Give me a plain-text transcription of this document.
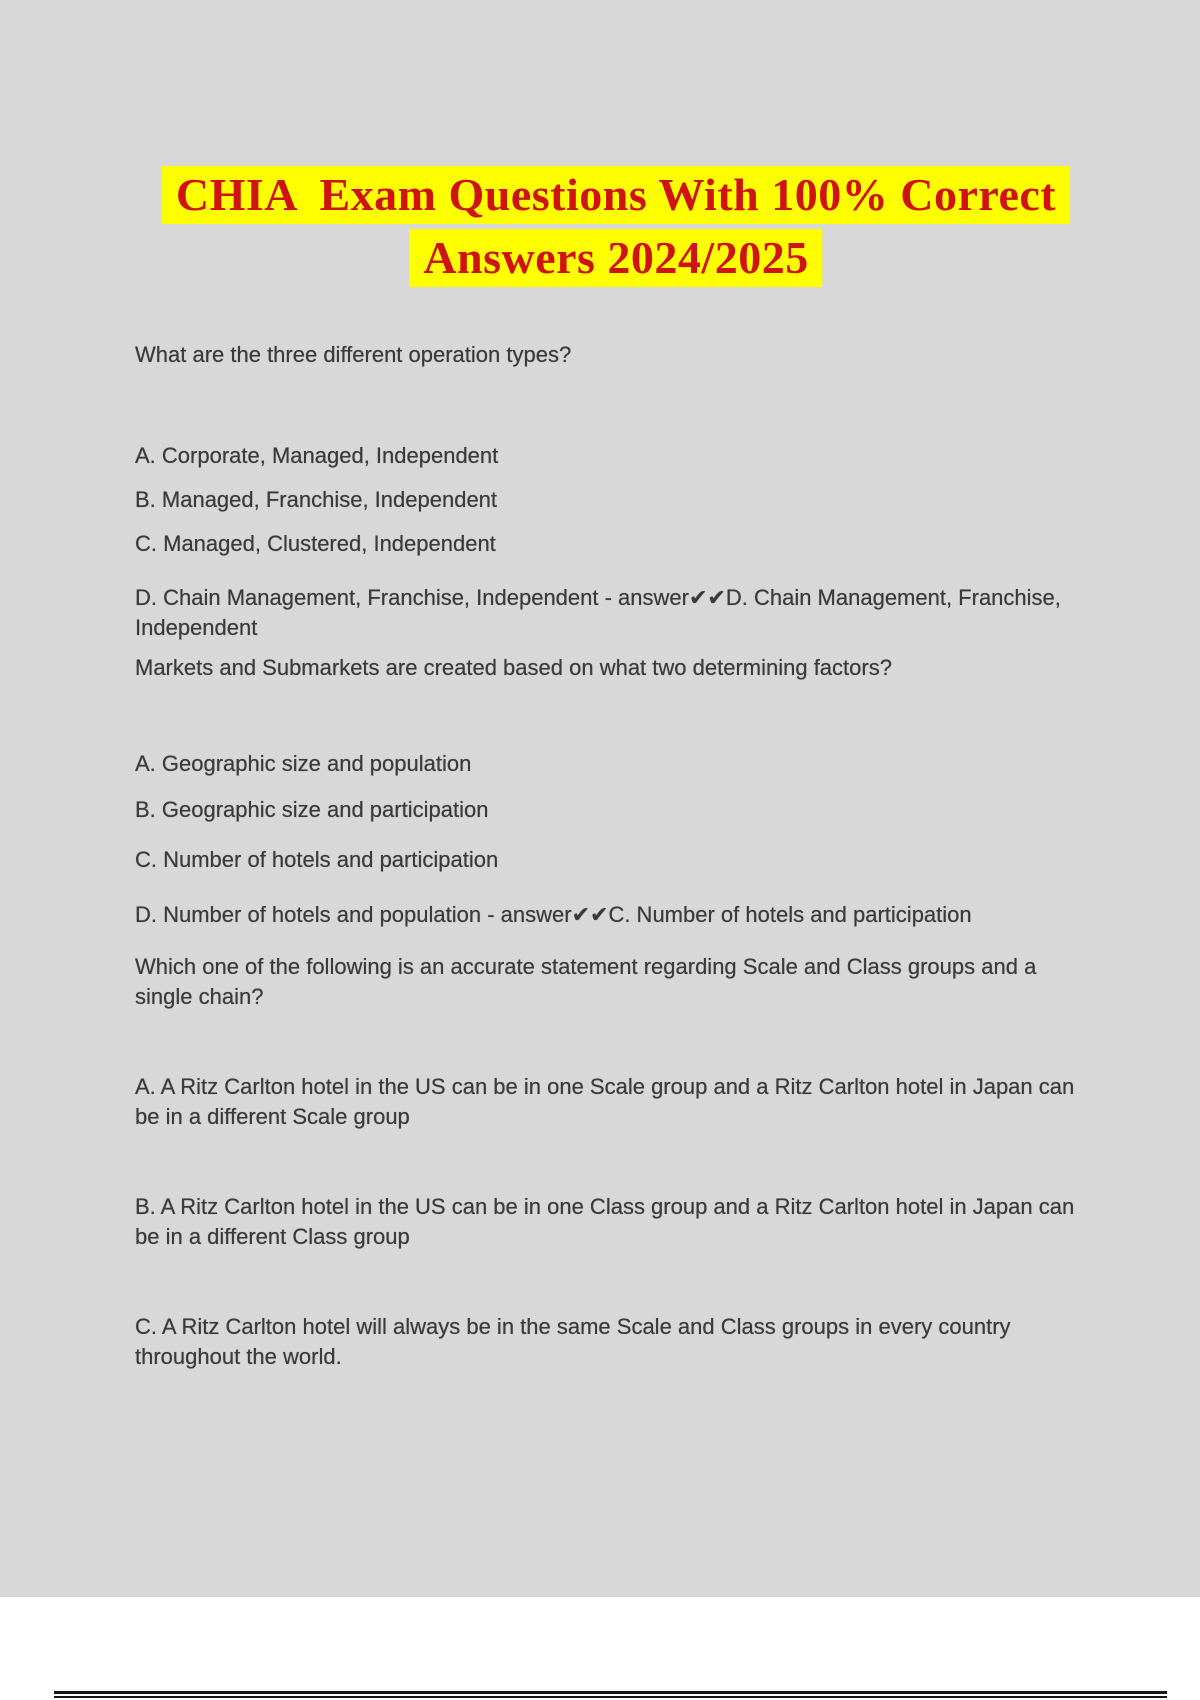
CHIA  Exam Questions With 100% Correct
Answers 2024/2025
What are the three different operation types?
A. Corporate, Managed, Independent
B. Managed, Franchise, Independent
C. Managed, Clustered, Independent
D. Chain Management, Franchise, Independent - answer✔✔D. Chain Management, Franchise,
Independent
Markets and Submarkets are created based on what two determining factors?
A. Geographic size and population
B. Geographic size and participation
C. Number of hotels and participation
D. Number of hotels and population - answer✔✔C. Number of hotels and participation
Which one of the following is an accurate statement regarding Scale and Class groups and a
single chain?
A. A Ritz Carlton hotel in the US can be in one Scale group and a Ritz Carlton hotel in Japan can
be in a different Scale group
B. A Ritz Carlton hotel in the US can be in one Class group and a Ritz Carlton hotel in Japan can
be in a different Class group
C. A Ritz Carlton hotel will always be in the same Scale and Class groups in every country
throughout the world.
